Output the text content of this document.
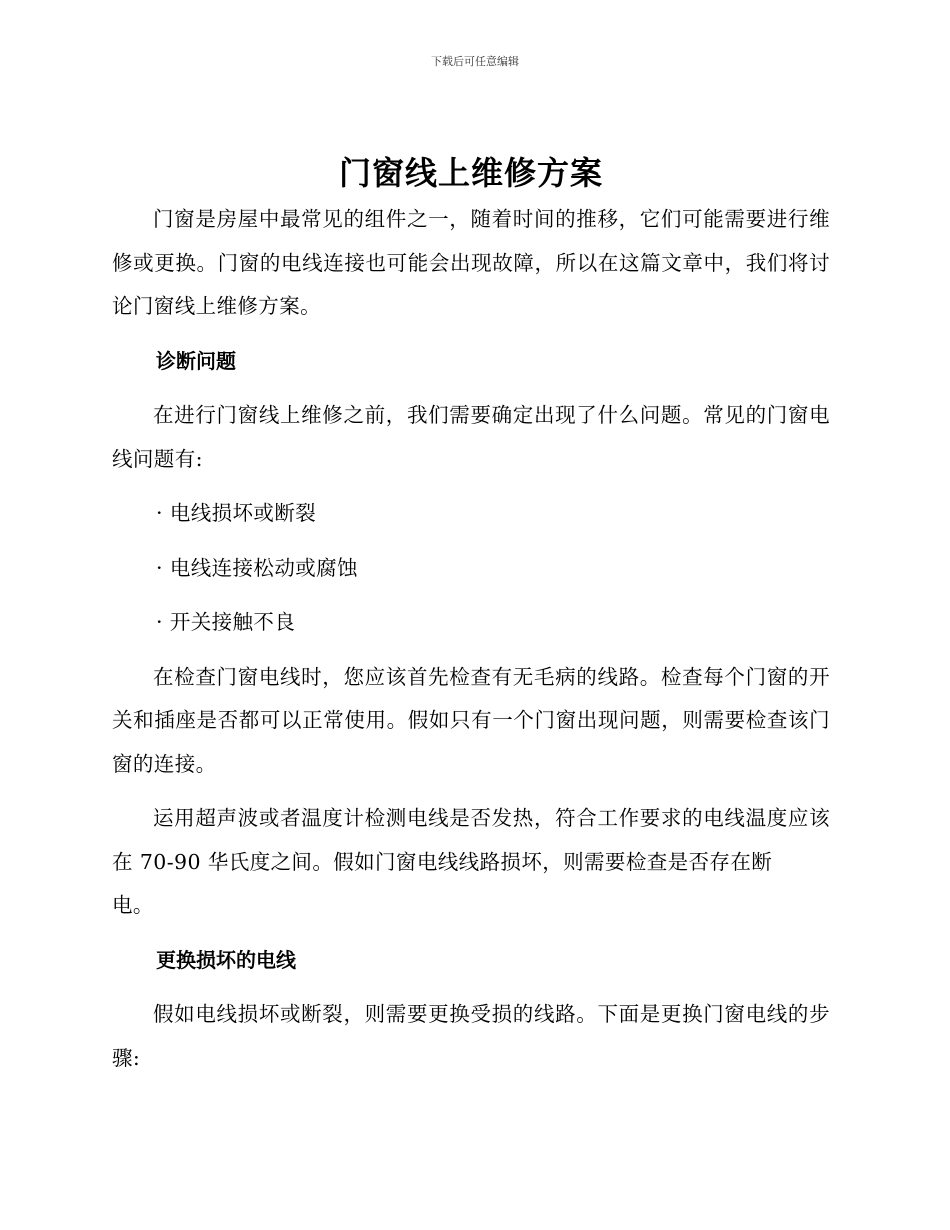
下载后可任意编辑
门窗线上维修方案

门窗是房屋中最常见的组件之一，随着时间的推移，它们可能需要进行维修或更换。门窗的电线连接也可能会出现故障，所以在这篇文章中，我们将讨论门窗线上维修方案。

诊断问题

在进行门窗线上维修之前，我们需要确定出现了什么问题。常见的门窗电线问题有:

· 电线损坏或断裂

· 电线连接松动或腐蚀

· 开关接触不良

在检查门窗电线时，您应该首先检查有无毛病的线路。检查每个门窗的开关和插座是否都可以正常使用。假如只有一个门窗出现问题，则需要检查该门窗的连接。

运用超声波或者温度计检测电线是否发热，符合工作要求的电线温度应该在 70-90 华氏度之间。假如门窗电线线路损坏，则需要检查是否存在断
电。

更换损坏的电线

假如电线损坏或断裂，则需要更换受损的线路。下面是更换门窗电线的步骤:
